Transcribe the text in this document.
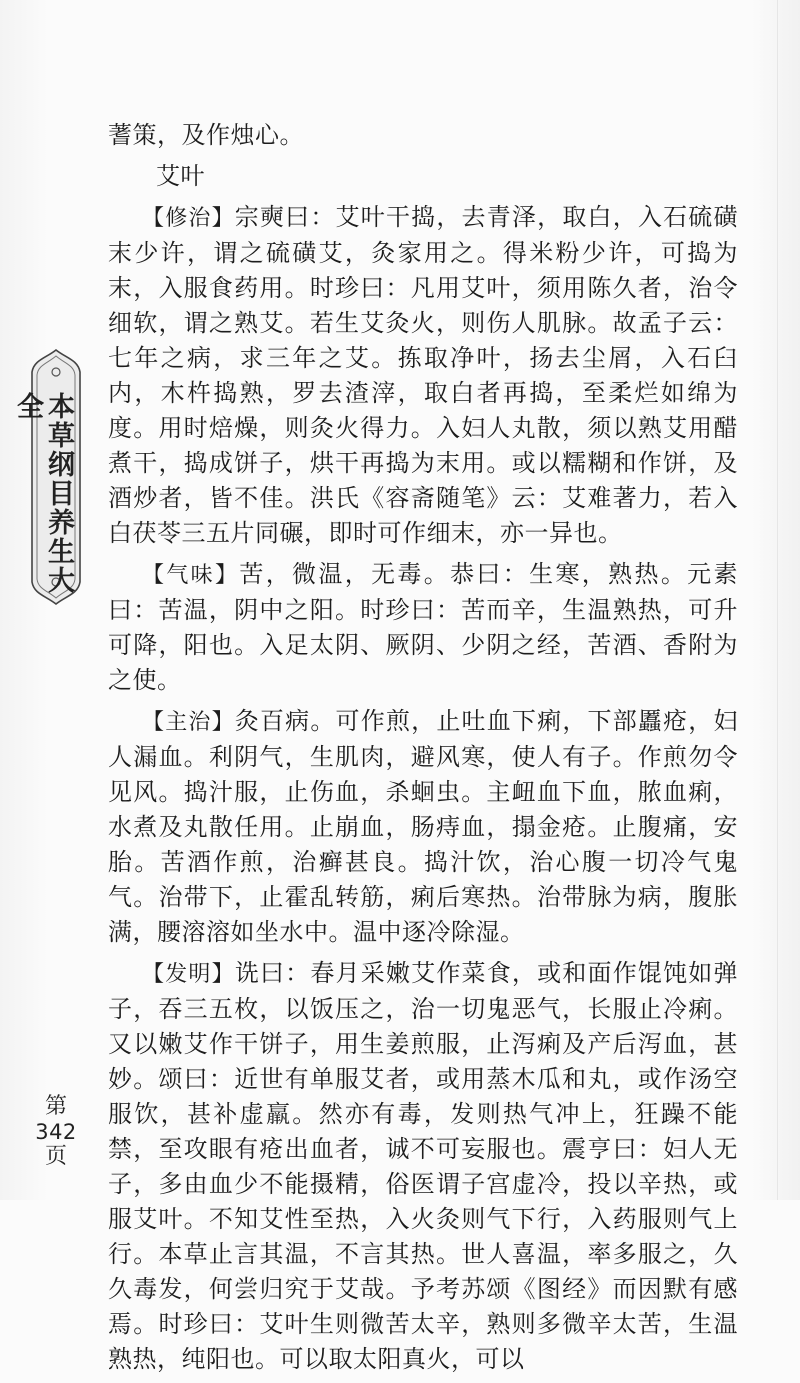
本草纲目养生大全

蓍策，及作烛心。

艾叶

【修治】宗奭曰：艾叶干捣，去青泽，取白，入石硫磺末少许，谓之硫磺艾，灸家用之。得米粉少许，可捣为末，入服食药用。时珍曰：凡用艾叶，须用陈久者，治令细软，谓之熟艾。若生艾灸火，则伤人肌脉。故孟子云：七年之病，求三年之艾。拣取净叶，扬去尘屑，入石臼内，木杵捣熟，罗去渣滓，取白者再捣，至柔烂如绵为度。用时焙燥，则灸火得力。入妇人丸散，须以熟艾用醋煮干，捣成饼子，烘干再捣为末用。或以糯糊和作饼，及酒炒者，皆不佳。洪氏《容斋随笔》云：艾难著力，若入白茯苓三五片同碾，即时可作细末，亦一异也。

【气味】苦，微温，无毒。恭曰：生寒，熟热。元素曰：苦温，阴中之阳。时珍曰：苦而辛，生温熟热，可升可降，阳也。入足太阴、厥阴、少阴之经，苦酒、香附为之使。

【主治】灸百病。可作煎，止吐血下痢，下部䘌疮，妇人漏血。利阴气，生肌肉，避风寒，使人有子。作煎勿令见风。捣汁服，止伤血，杀蛔虫。主衄血下血，脓血痢，水煮及丸散任用。止崩血，肠痔血，搨金疮。止腹痛，安胎。苦酒作煎，治癣甚良。捣汁饮，治心腹一切冷气鬼气。治带下，止霍乱转筋，痢后寒热。治带脉为病，腹胀满，腰溶溶如坐水中。温中逐冷除湿。

【发明】诜曰：春月采嫩艾作菜食，或和面作馄饨如弹子，吞三五枚，以饭压之，治一切鬼恶气，长服止冷痢。又以嫩艾作干饼子，用生姜煎服，止泻痢及产后泻血，甚妙。颂曰：近世有单服艾者，或用蒸木瓜和丸，或作汤空服饮，甚补虚羸。然亦有毒，发则热气冲上，狂躁不能禁，至攻眼有疮出血者，诚不可妄服也。震亨曰：妇人无子，多由血少不能摄精，俗医谓子宫虚冷，投以辛热，或服艾叶。不知艾性至热，入火灸则气下行，入药服则气上行。本草止言其温，不言其热。世人喜温，率多服之，久久毒发，何尝归究于艾哉。予考苏颂《图经》而因默有感焉。时珍曰：艾叶生则微苦太辛，熟则多微辛太苦，生温熟热，纯阳也。可以取太阳真火，可以

第
342
页
